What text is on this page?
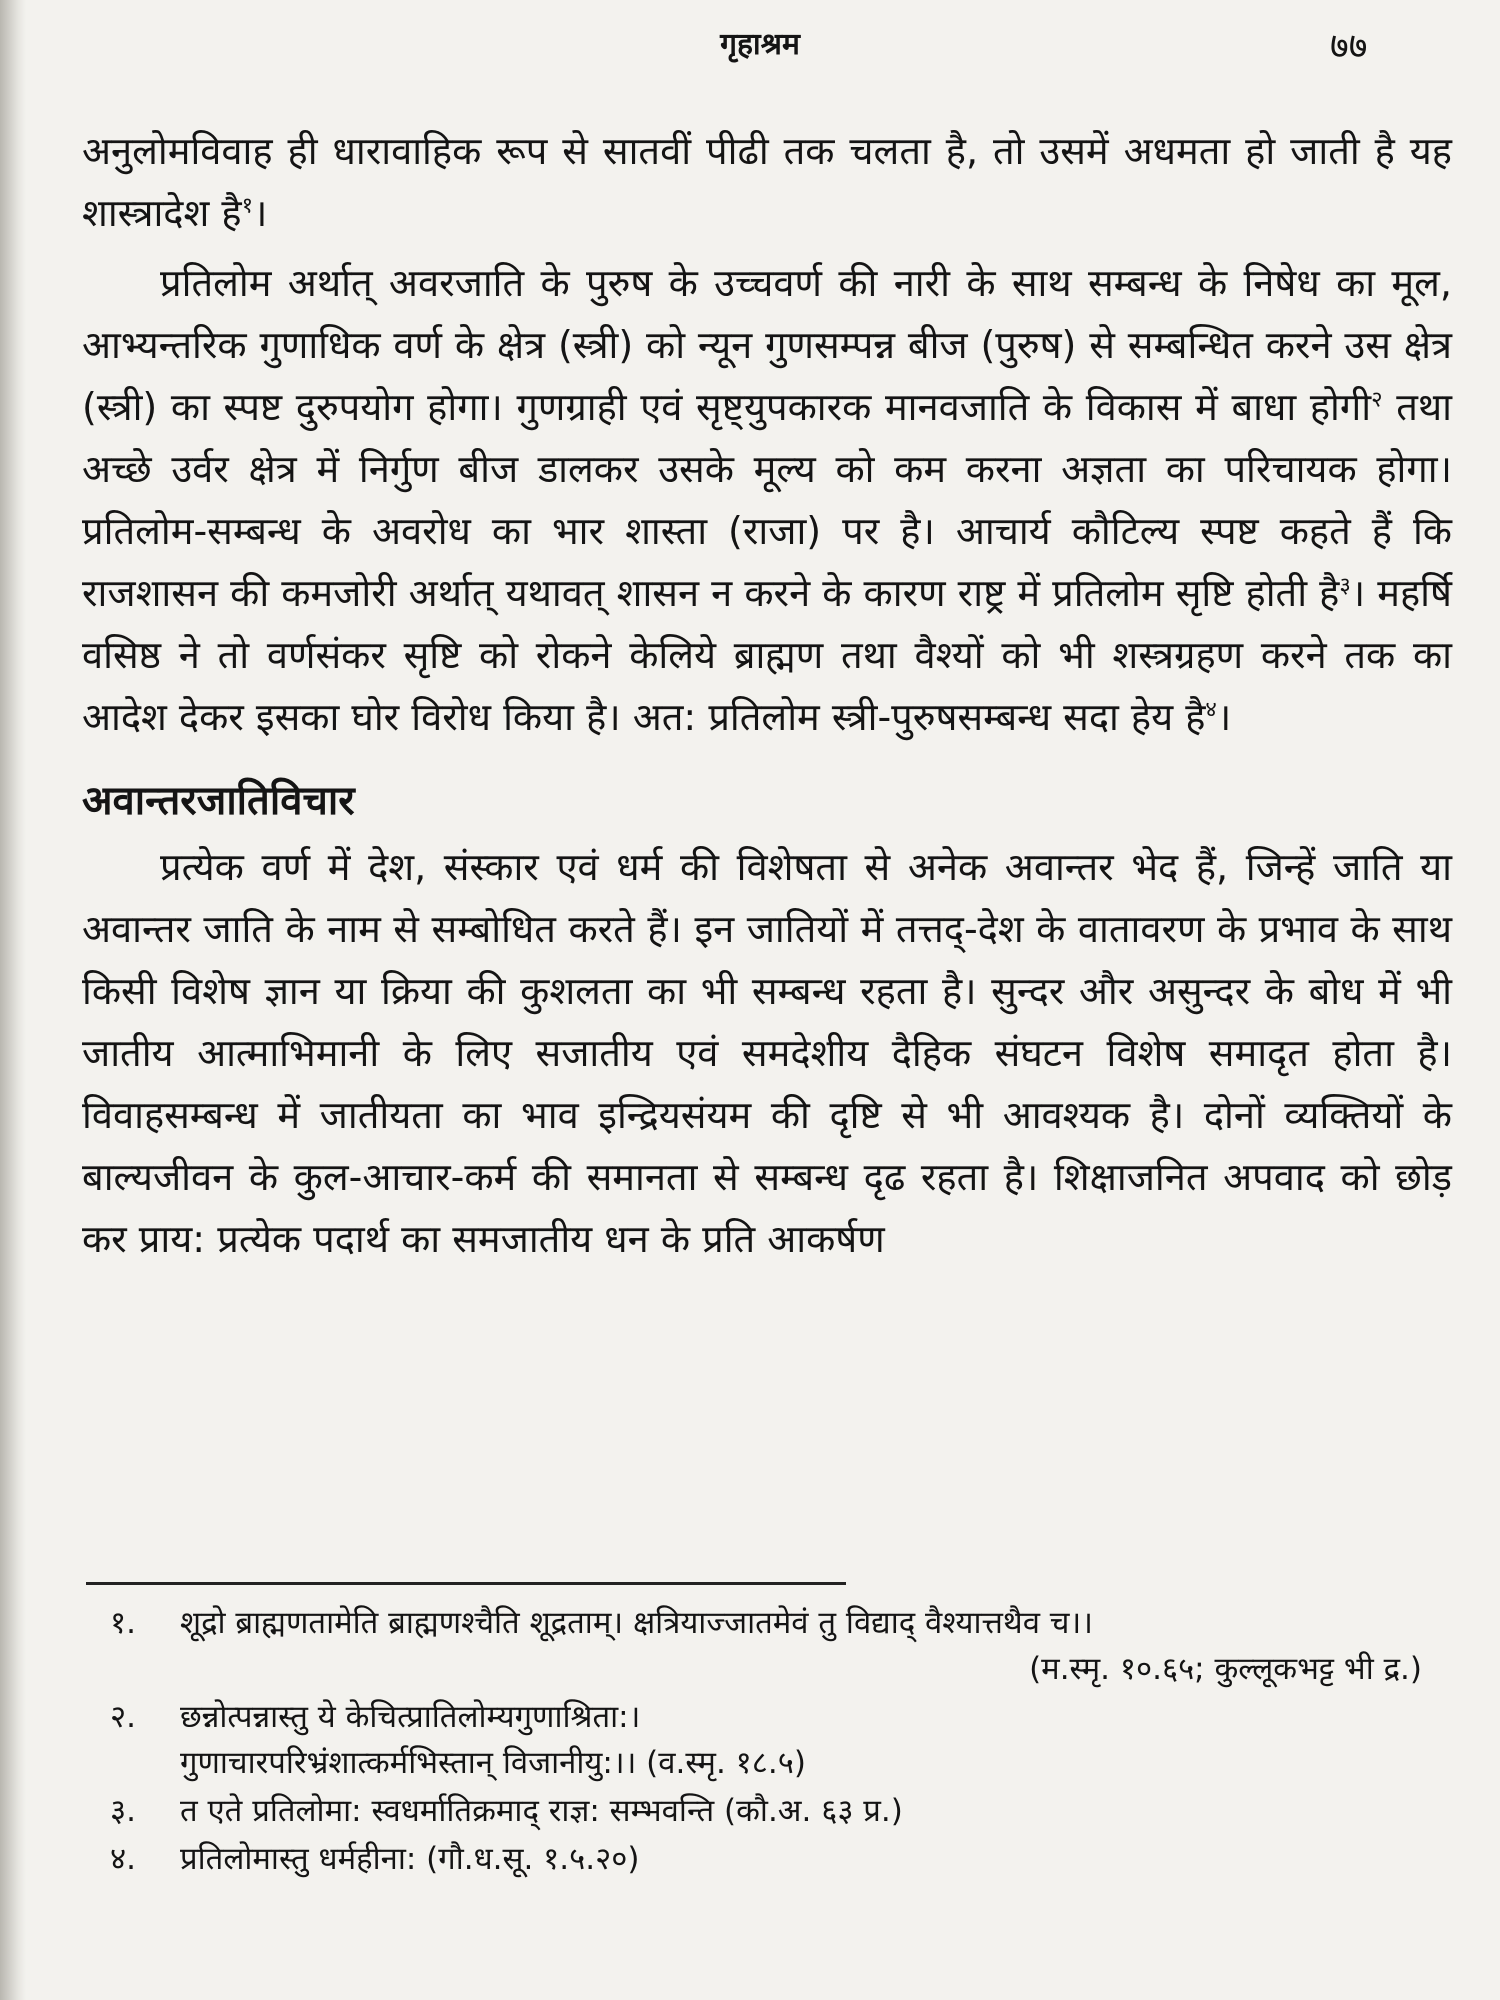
गृहाश्रम	७७

अनुलोमविवाह ही धारावाहिक रूप से सातवीं पीढी तक चलता है, तो उसमें अधमता हो जाती है यह शास्त्रादेश है$^१$।

प्रतिलोम अर्थात् अवरजाति के पुरुष के उच्चवर्ण की नारी के साथ सम्बन्ध के निषेध का मूल, आभ्यन्तरिक गुणाधिक वर्ण के क्षेत्र (स्त्री) को न्यून गुणसम्पन्न बीज (पुरुष) से सम्बन्धित करने उस क्षेत्र (स्त्री) का स्पष्ट दुरुपयोग होगा। गुणग्राही एवं सृष्ट्युपकारक मानवजाति के विकास में बाधा होगी$^२$ तथा अच्छे उर्वर क्षेत्र में निर्गुण बीज डालकर उसके मूल्य को कम करना अज्ञता का परिचायक होगा। प्रतिलोम-सम्बन्ध के अवरोध का भार शास्ता (राजा) पर है। आचार्य कौटिल्य स्पष्ट कहते हैं कि राजशासन की कमजोरी अर्थात् यथावत् शासन न करने के कारण राष्ट्र में प्रतिलोम सृष्टि होती है$^३$। महर्षि वसिष्ठ ने तो वर्णसंकर सृष्टि को रोकने केलिये ब्राह्मण तथा वैश्यों को भी शस्त्रग्रहण करने तक का आदेश देकर इसका घोर विरोध किया है। अत: प्रतिलोम स्त्री-पुरुषसम्बन्ध सदा हेय है$^४$।

अवान्तरजातिविचार

प्रत्येक वर्ण में देश, संस्कार एवं धर्म की विशेषता से अनेक अवान्तर भेद हैं, जिन्हें जाति या अवान्तर जाति के नाम से सम्बोधित करते हैं। इन जातियों में तत्तद्-देश के वातावरण के प्रभाव के साथ किसी विशेष ज्ञान या क्रिया की कुशलता का भी सम्बन्ध रहता है। सुन्दर और असुन्दर के बोध में भी जातीय आत्माभिमानी के लिए सजातीय एवं समदेशीय दैहिक संघटन विशेष समादृत होता है। विवाहसम्बन्ध में जातीयता का भाव इन्द्रियसंयम की दृष्टि से भी आवश्यक है। दोनों व्यक्तियों के बाल्यजीवन के कुल-आचार-कर्म की समानता से सम्बन्ध दृढ रहता है। शिक्षाजनित अपवाद को छोड़ कर प्राय: प्रत्येक पदार्थ का समजातीय धन के प्रति आकर्षण

१.	शूद्रो ब्राह्मणतामेति ब्राह्मणश्चैति शूद्रताम्। क्षत्रियाज्जातमेवं तु विद्याद् वैश्यात्तथैव च।।
(म.स्मृ. १०.६५; कुल्लूकभट्ट भी द्र.)
२.	छन्नोत्पन्नास्तु ये केचित्प्रातिलोम्यगुणाश्रिता:।
गुणाचारपरिभ्रंशात्कर्मभिस्तान् विजानीयु:।। (व.स्मृ. १८.५)
३.	त एते प्रतिलोमा: स्वधर्मातिक्रमाद् राज्ञ: सम्भवन्ति (कौ.अ. ६३ प्र.)
४.	प्रतिलोमास्तु धर्महीना: (गौ.ध.सू. १.५.२०)
